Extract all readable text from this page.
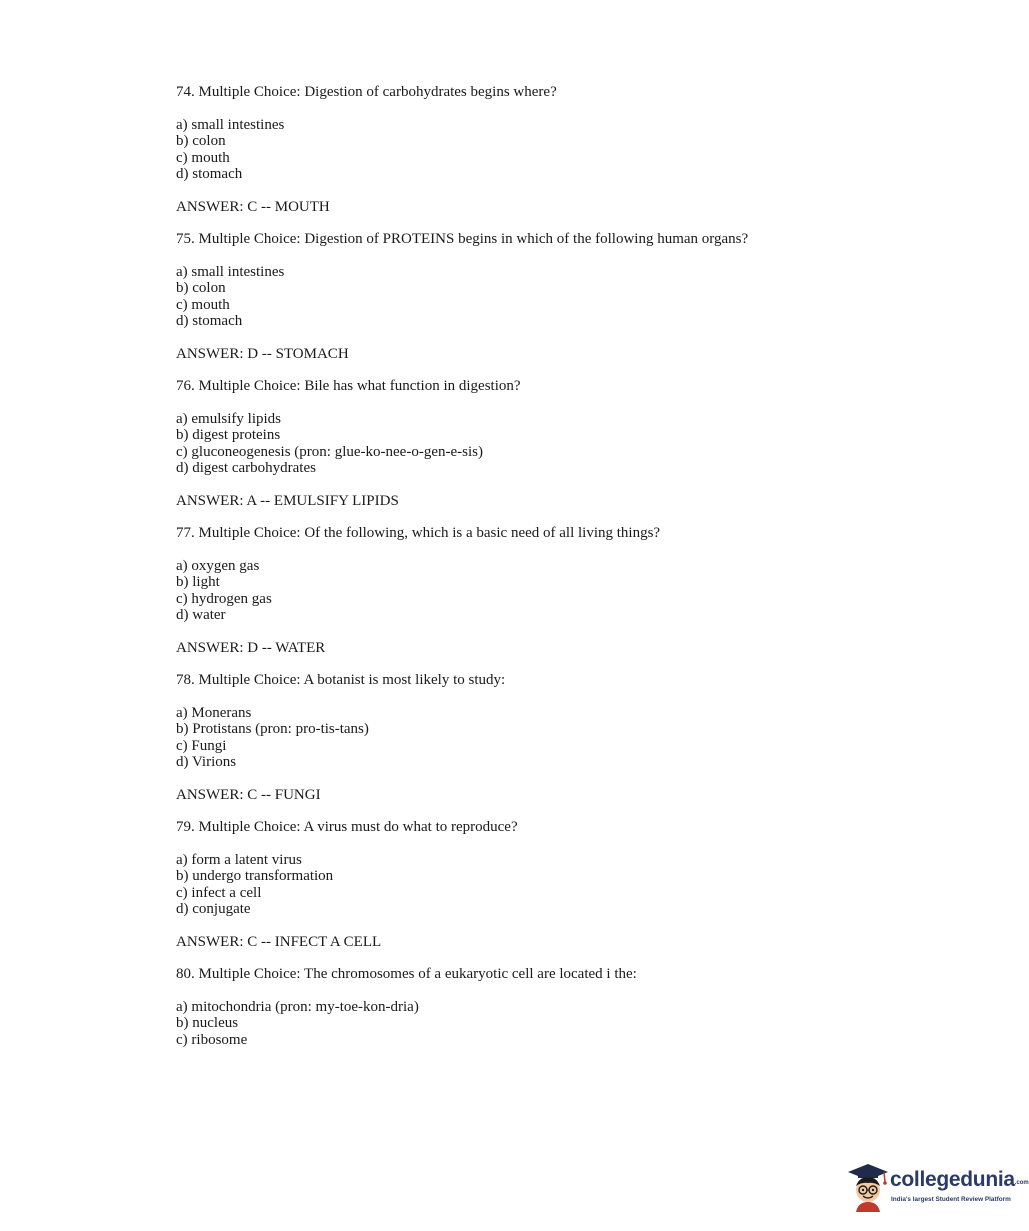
74. Multiple Choice: Digestion of carbohydrates begins where?
a) small intestines
b) colon
c) mouth
d) stomach
ANSWER: C -- MOUTH
75. Multiple Choice: Digestion of PROTEINS begins in which of the following human organs?
a) small intestines
b) colon
c) mouth
d) stomach
ANSWER: D -- STOMACH
76. Multiple Choice: Bile has what function in digestion?
a) emulsify lipids
b) digest proteins
c) gluconeogenesis (pron: glue-ko-nee-o-gen-e-sis)
d) digest carbohydrates
ANSWER: A -- EMULSIFY LIPIDS
77. Multiple Choice: Of the following, which is a basic need of all living things?
a) oxygen gas
b) light
c) hydrogen gas
d) water
ANSWER: D -- WATER
78. Multiple Choice: A botanist is most likely to study:
a) Monerans
b) Protistans (pron: pro-tis-tans)
c) Fungi
d) Virions
ANSWER: C -- FUNGI
79. Multiple Choice: A virus must do what to reproduce?
a) form a latent virus
b) undergo transformation
c) infect a cell
d) conjugate
ANSWER: C -- INFECT A CELL
80. Multiple Choice: The chromosomes of a eukaryotic cell are located i the:
a) mitochondria (pron: my-toe-kon-dria)
b) nucleus
c) ribosome
collegedunia.com
India's largest Student Review Platform
